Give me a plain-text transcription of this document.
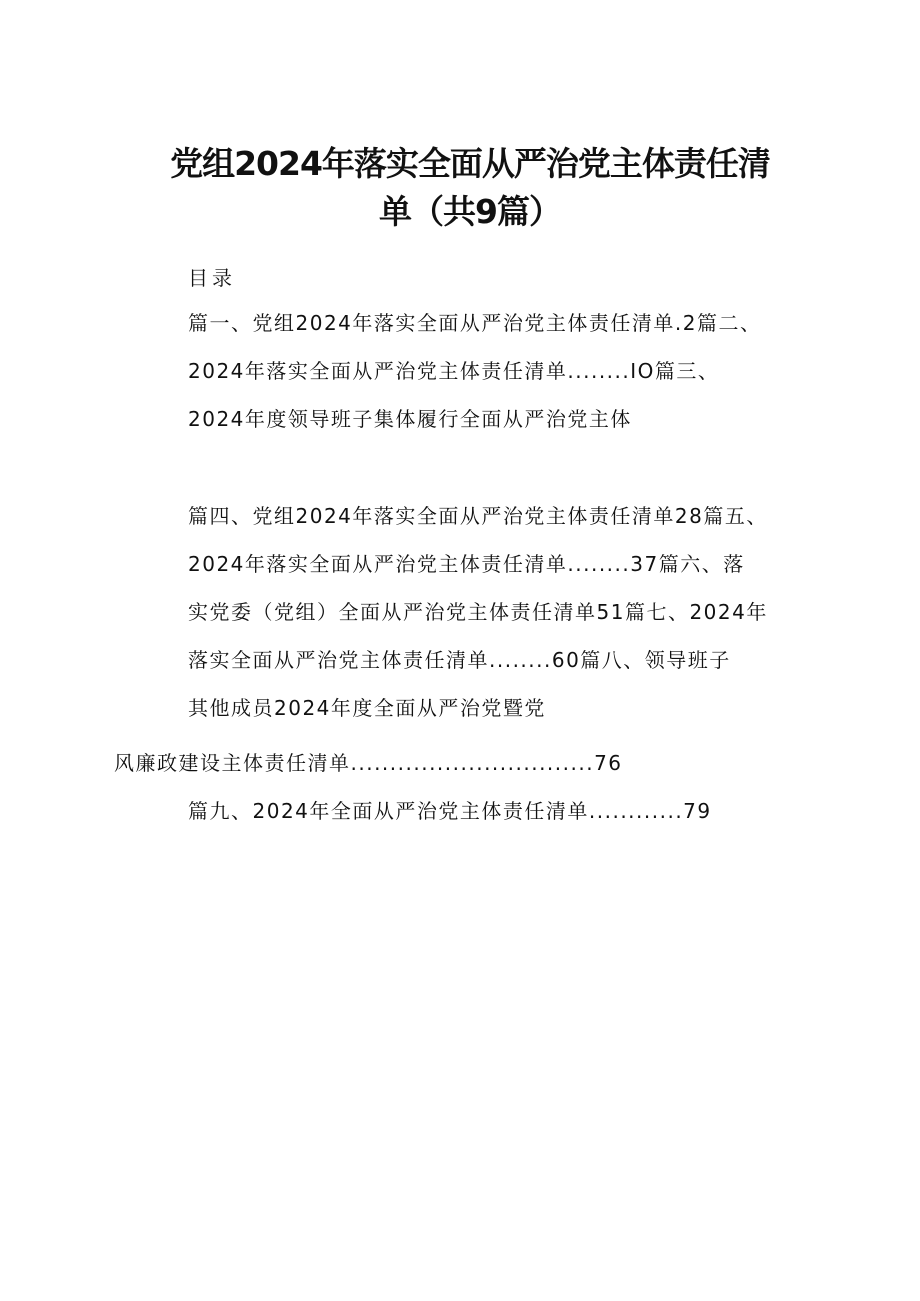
党组2024年落实全面从严治党主体责任清
单（共9篇）
目录
篇一、党组2024年落实全面从严治党主体责任清单.2篇二、
2024年落实全面从严治党主体责任清单........IO篇三、
2024年度领导班子集体履行全面从严治党主体
篇四、党组2024年落实全面从严治党主体责任清单28篇五、
2024年落实全面从严治党主体责任清单........37篇六、落
实党委（党组）全面从严治党主体责任清单51篇七、2024年
落实全面从严治党主体责任清单........60篇八、领导班子
其他成员2024年度全面从严治党暨党
风廉政建设主体责任清单...............................76
篇九、2024年全面从严治党主体责任清单............79
